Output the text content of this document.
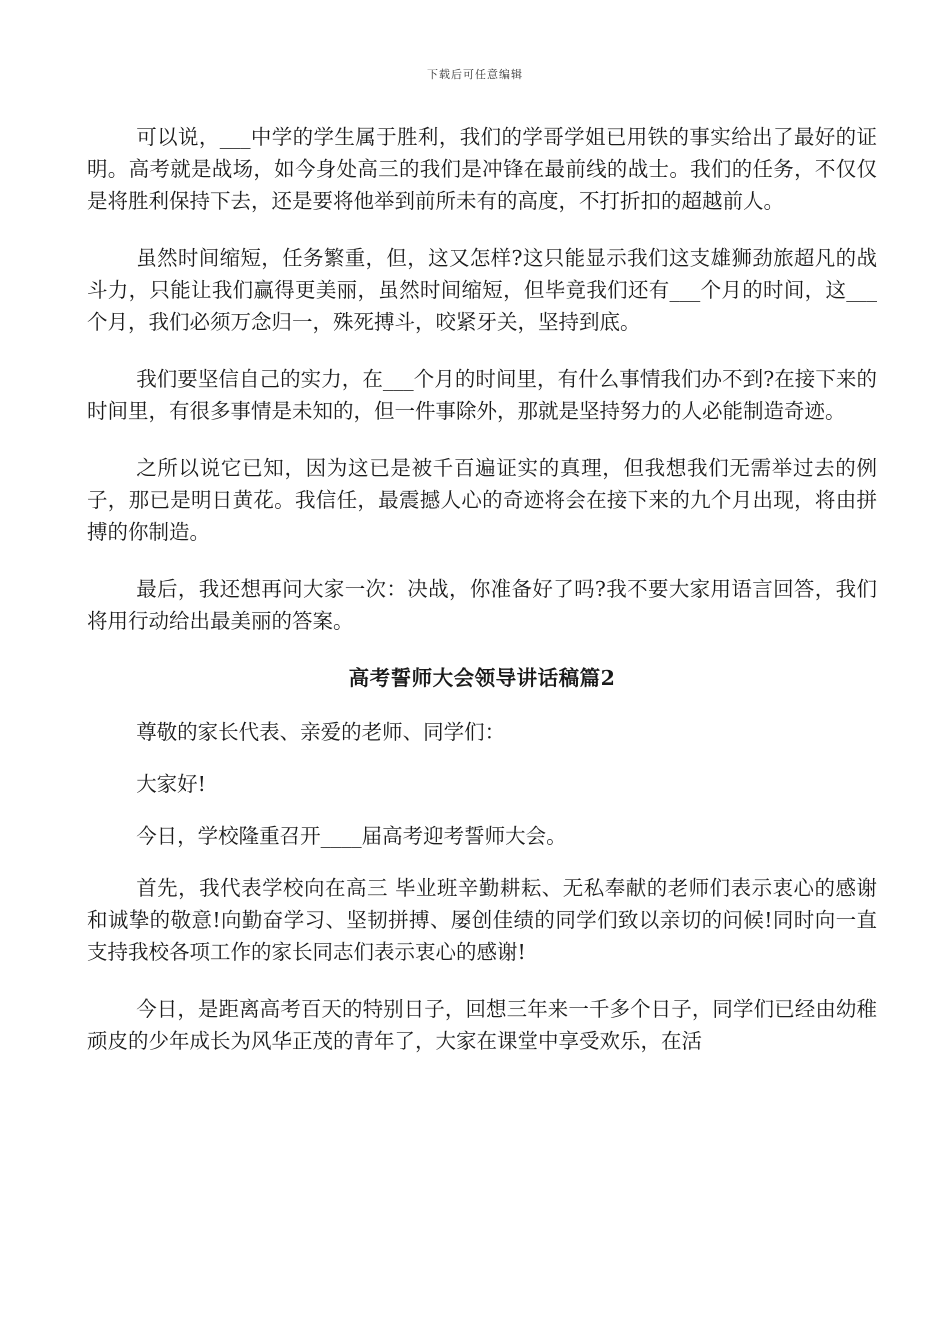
下载后可任意编辑

可以说，___中学的学生属于胜利，我们的学哥学姐已用铁的事实给出了最好的证明。高考就是战场，如今身处高三的我们是冲锋在最前线的战士。我们的任务，不仅仅是将胜利保持下去，还是要将他举到前所未有的高度，不打折扣的超越前人。

虽然时间缩短，任务繁重，但，这又怎样?这只能显示我们这支雄狮劲旅超凡的战斗力，只能让我们赢得更美丽，虽然时间缩短，但毕竟我们还有___个月的时间，这___个月，我们必须万念归一，殊死搏斗，咬紧牙关，坚持到底。

我们要坚信自己的实力，在___个月的时间里，有什么事情我们办不到?在接下来的时间里，有很多事情是未知的，但一件事除外，那就是坚持努力的人必能制造奇迹。

之所以说它已知，因为这已是被千百遍证实的真理，但我想我们无需举过去的例子，那已是明日黄花。我信任，最震撼人心的奇迹将会在接下来的九个月出现，将由拼搏的你制造。

最后，我还想再问大家一次：决战，你准备好了吗?我不要大家用语言回答，我们将用行动给出最美丽的答案。

高考誓师大会领导讲话稿篇2

尊敬的家长代表、亲爱的老师、同学们：

大家好!

今日，学校隆重召开____届高考迎考誓师大会。

首先，我代表学校向在高三 毕业班辛勤耕耘、无私奉献的老师们表示衷心的感谢和诚挚的敬意!向勤奋学习、坚韧拼搏、屡创佳绩的同学们致以亲切的问候!同时向一直支持我校各项工作的家长同志们表示衷心的感谢!

今日，是距离高考百天的特别日子，回想三年来一千多个日子，同学们已经由幼稚顽皮的少年成长为风华正茂的青年了，大家在课堂中享受欢乐，在活
